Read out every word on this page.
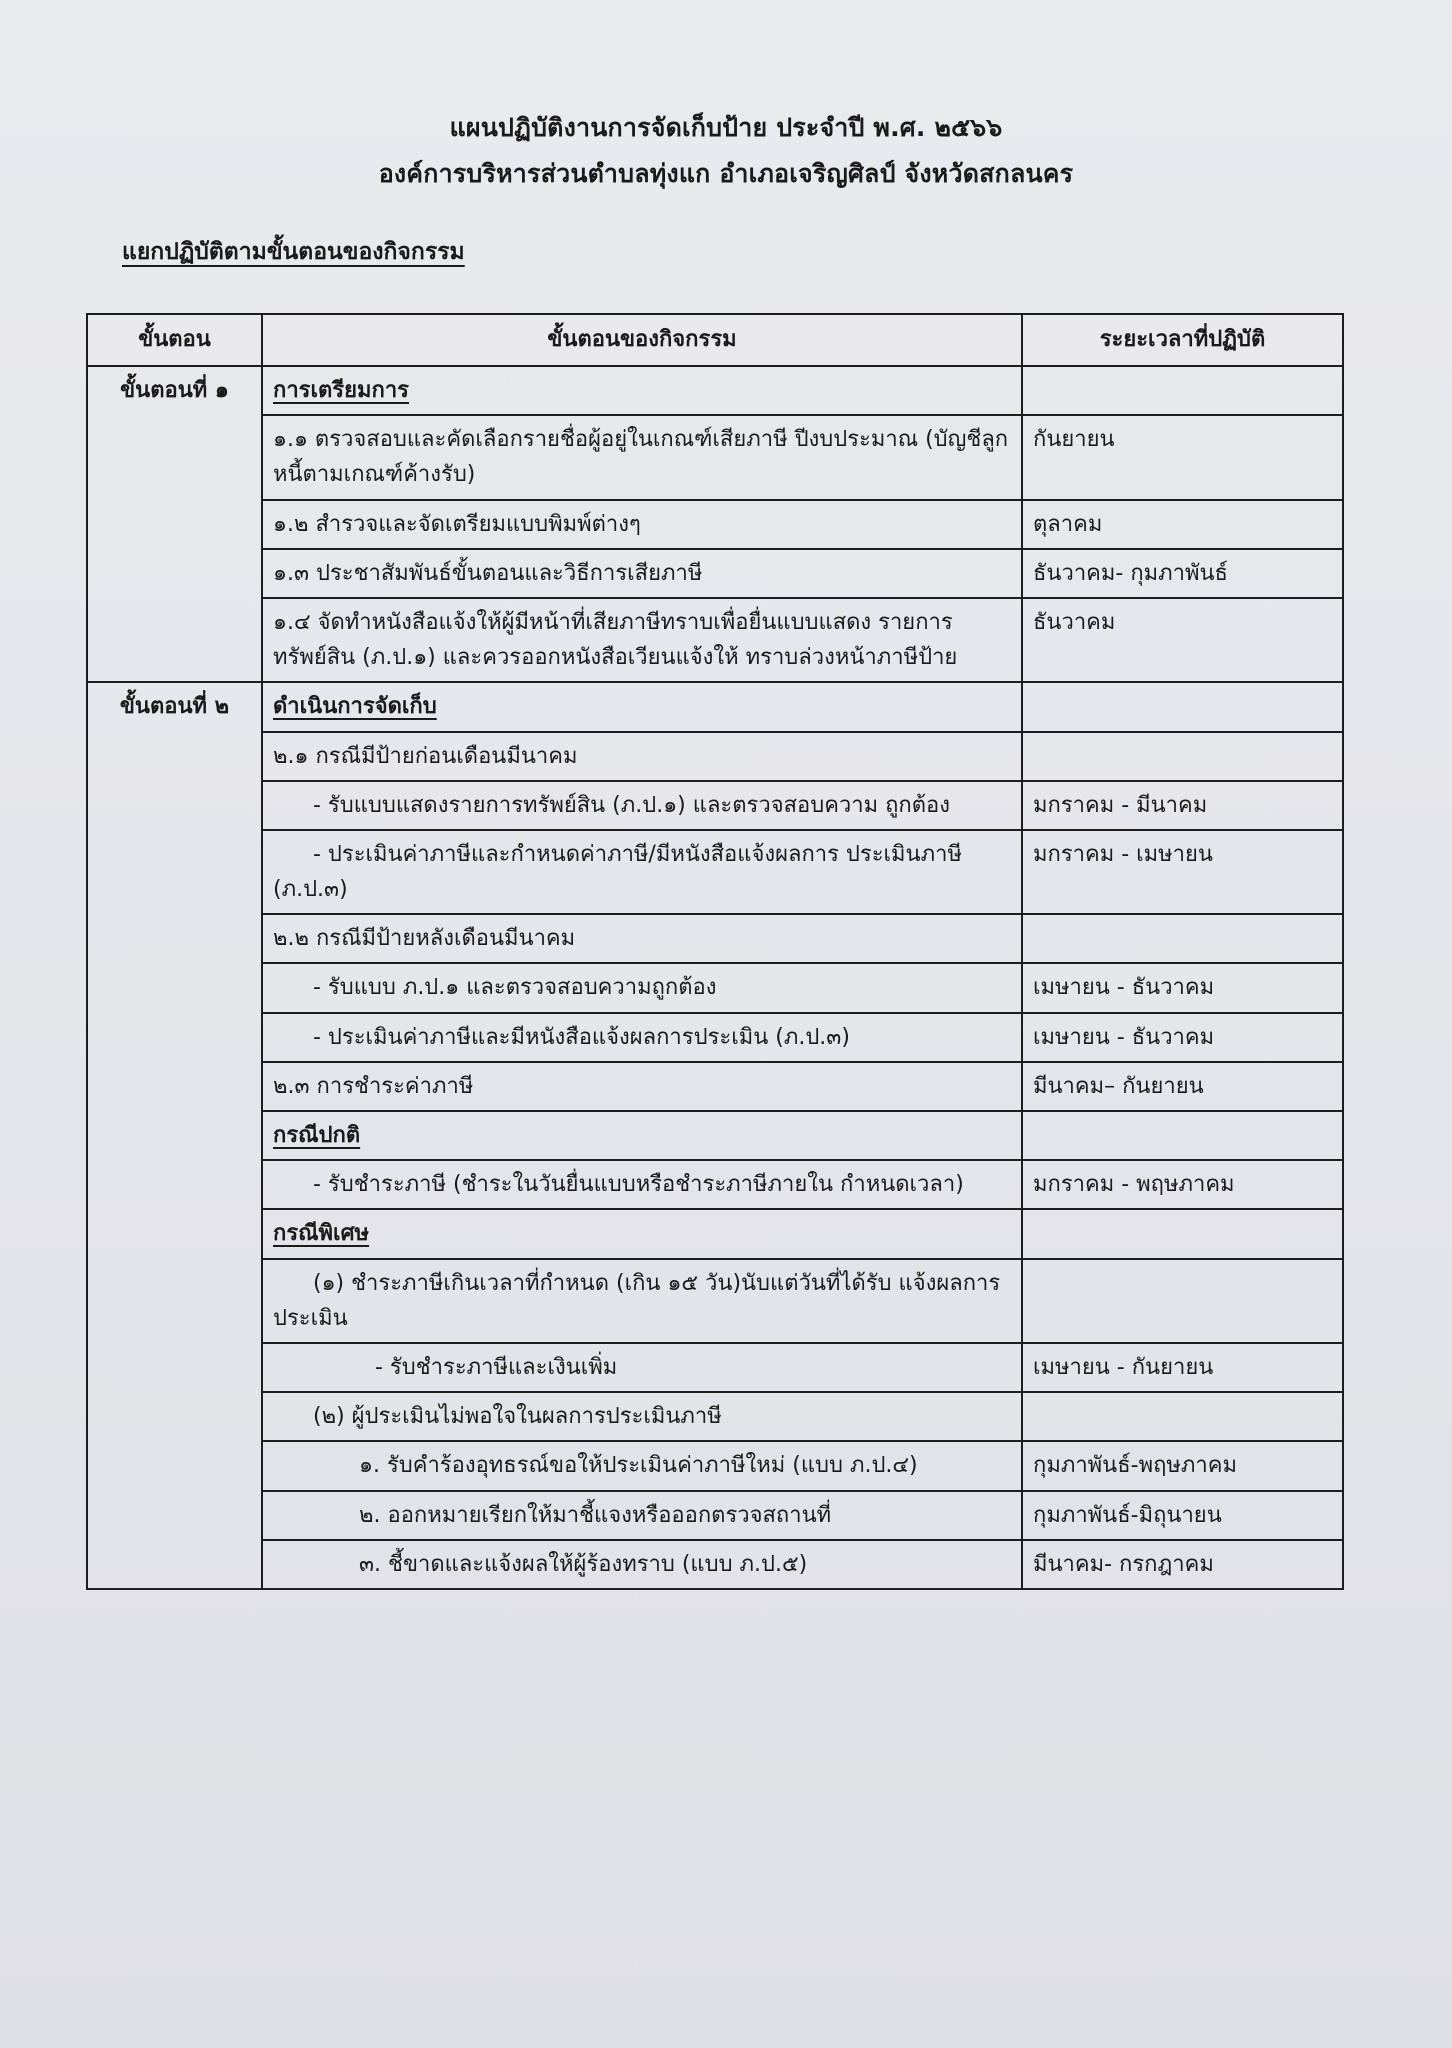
แผนปฏิบัติงานการจัดเก็บป้าย ประจำปี พ.ศ. ๒๕๖๖
องค์การบริหารส่วนตำบลทุ่งแก อำเภอเจริญศิลป์ จังหวัดสกลนคร
แยกปฏิบัติตามขั้นตอนของกิจกรรม
ขั้นตอน	ขั้นตอนของกิจกรรม	ระยะเวลาที่ปฏิบัติ
ขั้นตอนที่ ๑	การเตรียมการ	
	๑.๑ ตรวจสอบและคัดเลือกรายชื่อผู้อยู่ในเกณฑ์เสียภาษี ปีงบประมาณ (บัญชีลูกหนี้ตามเกณฑ์ค้างรับ)	กันยายน
	๑.๒ สำรวจและจัดเตรียมแบบพิมพ์ต่างๆ	ตุลาคม
	๑.๓ ประชาสัมพันธ์ขั้นตอนและวิธีการเสียภาษี	ธันวาคม- กุมภาพันธ์
	๑.๔ จัดทำหนังสือแจ้งให้ผู้มีหน้าที่เสียภาษีทราบเพื่อยื่นแบบแสดง รายการทรัพย์สิน (ภ.ป.๑) และควรออกหนังสือเวียนแจ้งให้ ทราบล่วงหน้าภาษีป้าย	ธันวาคม
ขั้นตอนที่ ๒	ดำเนินการจัดเก็บ	
	๒.๑ กรณีมีป้ายก่อนเดือนมีนาคม	
	- รับแบบแสดงรายการทรัพย์สิน (ภ.ป.๑) และตรวจสอบความ ถูกต้อง	มกราคม - มีนาคม
	- ประเมินค่าภาษีและกำหนดค่าภาษี/มีหนังสือแจ้งผลการ ประเมินภาษี (ภ.ป.๓)	มกราคม - เมษายน
	๒.๒ กรณีมีป้ายหลังเดือนมีนาคม	
	- รับแบบ ภ.ป.๑ และตรวจสอบความถูกต้อง	เมษายน - ธันวาคม
	- ประเมินค่าภาษีและมีหนังสือแจ้งผลการประเมิน (ภ.ป.๓)	เมษายน - ธันวาคม
	๒.๓ การชำระค่าภาษี	มีนาคม– กันยายน
	กรณีปกติ	
	- รับชำระภาษี (ชำระในวันยื่นแบบหรือชำระภาษีภายใน กำหนดเวลา)	มกราคม - พฤษภาคม
	กรณีพิเศษ	
	(๑) ชำระภาษีเกินเวลาที่กำหนด (เกิน ๑๕ วัน)นับแต่วันที่ได้รับ แจ้งผลการประเมิน	
	- รับชำระภาษีและเงินเพิ่ม	เมษายน - กันยายน
	(๒) ผู้ประเมินไม่พอใจในผลการประเมินภาษี	
	๑. รับคำร้องอุทธรณ์ขอให้ประเมินค่าภาษีใหม่ (แบบ ภ.ป.๔)	กุมภาพันธ์-พฤษภาคม
	๒. ออกหมายเรียกให้มาชี้แจงหรือออกตรวจสถานที่	กุมภาพันธ์-มิถุนายน
	๓. ชี้ขาดและแจ้งผลให้ผู้ร้องทราบ (แบบ ภ.ป.๕)	มีนาคม- กรกฎาคม
